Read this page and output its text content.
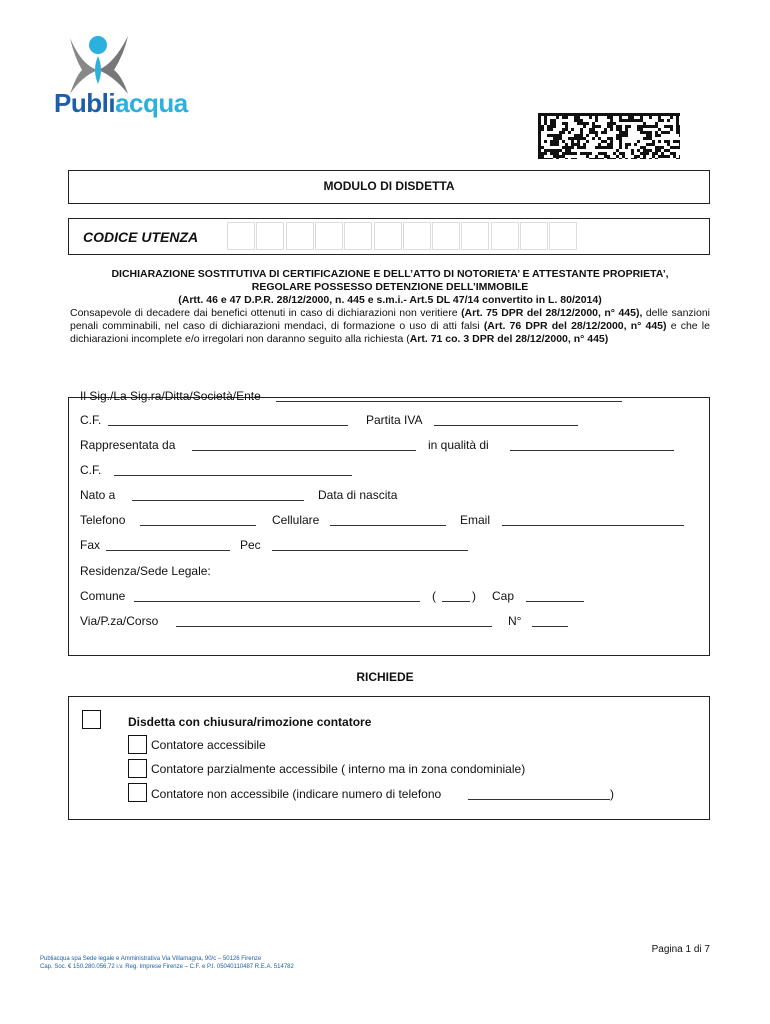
Publiacqua
MODULO DI DISDETTA
CODICE UTENZA
DICHIARAZIONE SOSTITUTIVA DI CERTIFICAZIONE E DELL’ATTO DI NOTORIETA’ E ATTESTANTE PROPRIETA’,
REGOLARE POSSESSO DETENZIONE DELL’IMMOBILE
(Artt. 46 e 47 D.P.R. 28/12/2000, n. 445 e s.m.i.- Art.5 DL 47/14 convertito in L. 80/2014)
Consapevole di decadere dai benefici ottenuti in caso di dichiarazioni non veritiere (Art. 75 DPR del 28/12/2000, n° 445), delle sanzioni penali comminabili, nel caso di dichiarazioni mendaci, di formazione o uso di atti falsi (Art. 76 DPR del 28/12/2000, n° 445) e che le dichiarazioni incomplete e/o irregolari non daranno seguito alla richiesta (Art. 71 co. 3 DPR del 28/12/2000, n° 445)
Il Sig./La Sig.ra/Ditta/Società/Ente
C.F.	Partita IVA
Rappresentata da	in qualità di
C.F.
Nato a	Data di nascita
Telefono	Cellulare	Email
Fax	Pec
Residenza/Sede Legale:
Comune	(	) Cap
Via/P.za/Corso	N°
RICHIEDE
Disdetta con chiusura/rimozione contatore
Contatore accessibile
Contatore parzialmente accessibile ( interno ma in zona condominiale)
Contatore non accessibile (indicare numero di telefono	)
Pagina 1 di 7
Publiacqua spa Sede legale e Amministrativa Via Villamagna, 90/c – 50126 Firenze
Cap. Soc. € 150.280.056,72 i.v. Reg. Imprese Firenze – C.F. e P.I. 05040110487 R.E.A. 514782
